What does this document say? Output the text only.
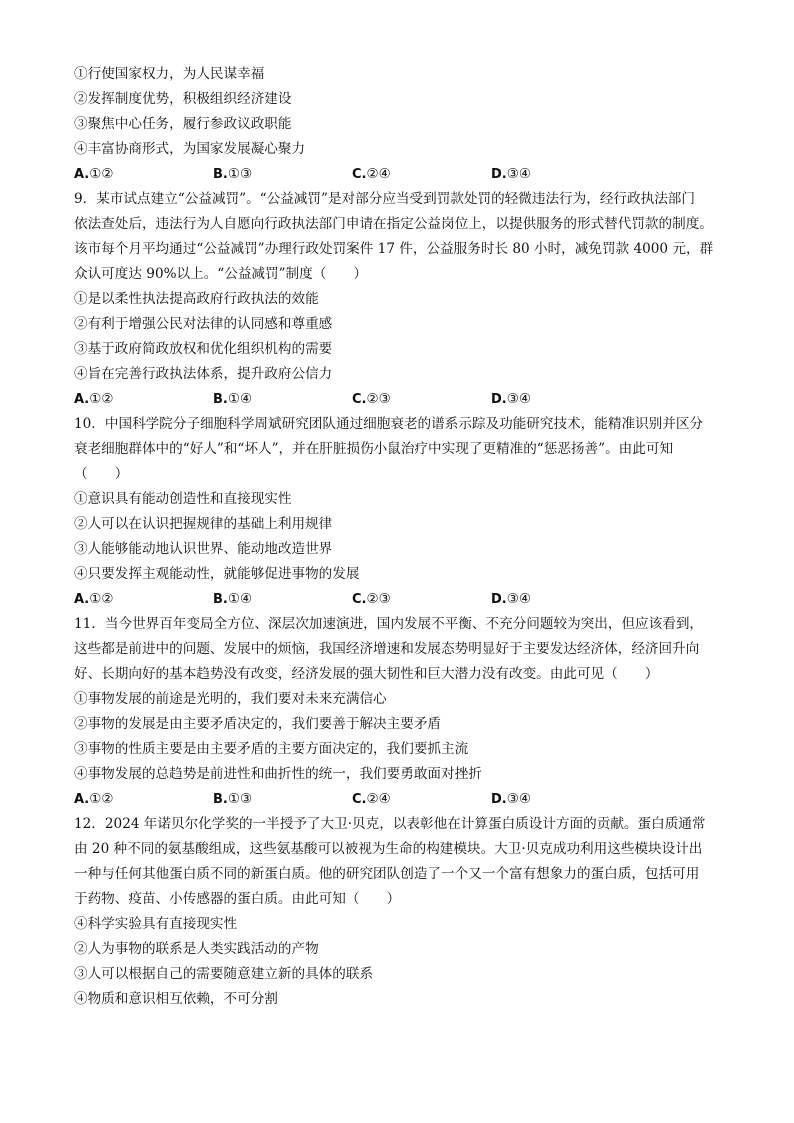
①行使国家权力，为人民谋幸福
②发挥制度优势，积极组织经济建设
③聚焦中心任务，履行参政议政职能
④丰富协商形式，为国家发展凝心聚力
A.①②	B.①③	C.②④	D.③④
9．某市试点建立“公益减罚”。“公益减罚”是对部分应当受到罚款处罚的轻微违法行为，经行政执法部门
依法查处后，违法行为人自愿向行政执法部门申请在指定公益岗位上，以提供服务的形式替代罚款的制度。
该市每个月平均通过“公益减罚”办理行政处罚案件 17 件，公益服务时长 80 小时，减免罚款 4000 元，群
众认可度达 90%以上。“公益减罚”制度（　　）
①是以柔性执法提高政府行政执法的效能
②有利于增强公民对法律的认同感和尊重感
③基于政府简政放权和优化组织机构的需要
④旨在完善行政执法体系，提升政府公信力
A.①②	B.①④	C.②③	D.③④
10．中国科学院分子细胞科学周斌研究团队通过细胞衰老的谱系示踪及功能研究技术，能精准识别并区分
衰老细胞群体中的“好人”和“坏人”，并在肝脏损伤小鼠治疗中实现了更精准的“惩恶扬善”。由此可知
（　　）
①意识具有能动创造性和直接现实性
②人可以在认识把握规律的基础上利用规律
③人能够能动地认识世界、能动地改造世界
④只要发挥主观能动性，就能够促进事物的发展
A.①②	B.①④	C.②③	D.③④
11．当今世界百年变局全方位、深层次加速演进，国内发展不平衡、不充分问题较为突出，但应该看到，
这些都是前进中的问题、发展中的烦恼，我国经济增速和发展态势明显好于主要发达经济体，经济回升向
好、长期向好的基本趋势没有改变，经济发展的强大韧性和巨大潜力没有改变。由此可见（　　）
①事物发展的前途是光明的，我们要对未来充满信心
②事物的发展是由主要矛盾决定的，我们要善于解决主要矛盾
③事物的性质主要是由主要矛盾的主要方面决定的，我们要抓主流
④事物发展的总趋势是前进性和曲折性的统一，我们要勇敢面对挫折
A.①②	B.①③	C.②④	D.③④
12．2024 年诺贝尔化学奖的一半授予了大卫·贝克，以表彰他在计算蛋白质设计方面的贡献。蛋白质通常
由 20 种不同的氨基酸组成，这些氨基酸可以被视为生命的构建模块。大卫·贝克成功利用这些模块设计出
一种与任何其他蛋白质不同的新蛋白质。他的研究团队创造了一个又一个富有想象力的蛋白质，包括可用
于药物、疫苗、小传感器的蛋白质。由此可知（　　）
④科学实验具有直接现实性
②人为事物的联系是人类实践活动的产物
③人可以根据自己的需要随意建立新的具体的联系
④物质和意识相互依赖，不可分割
